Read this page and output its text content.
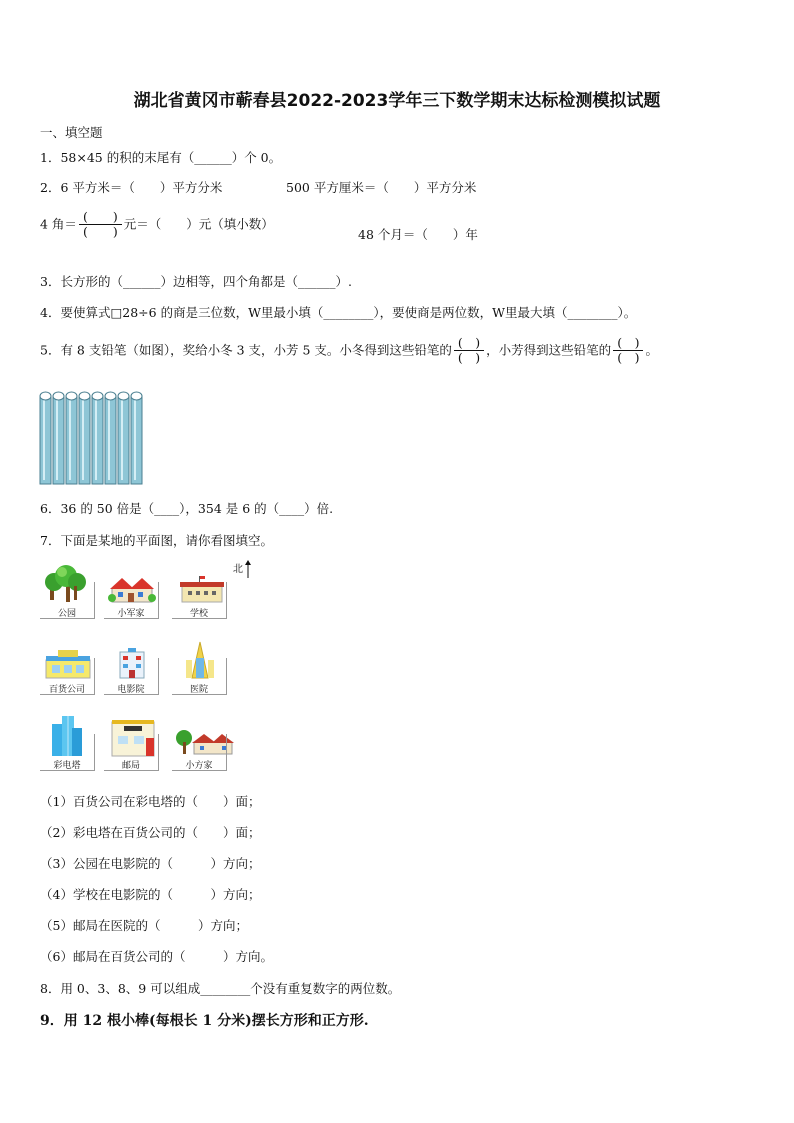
湖北省黄冈市蕲春县2022-2023学年三下数学期末达标检测模拟试题
一、填空题
1．58×45 的积的末尾有（______）个 0。
2．6 平方米＝（　　）平方分米	500 平方厘米＝（　　）平方分米
4 角＝ $\frac{( )}{( )}$ 元＝（　　）元（填小数）
48 个月＝（　　）年
3．长方形的（______）边相等，四个角都是（______）.
4．要使算式□28÷6 的商是三位数，W里最小填（________），要使商是两位数，W里最大填（________）。
5．有 8 支铅笔（如图），奖给小冬 3 支，小芳 5 支。小冬得到这些铅笔的 $\frac{( )}{( )}$ ，小芳得到这些铅笔的 $\frac{( )}{( )}$ 。
6．36 的 50 倍是（____），354 是 6 的（____）倍.
7．下面是某地的平面图，请你看图填空。
公园	小军家	学校
百货公司	电影院	医院
彩电塔	邮局	小方家
北
（1）百货公司在彩电塔的（　　）面；
（2）彩电塔在百货公司的（　　）面；
（3）公园在电影院的（　　　）方向；
（4）学校在电影院的（　　　）方向；
（5）邮局在医院的（　　　）方向；
（6）邮局在百货公司的（　　　）方向。
8．用 0、3、8、9 可以组成________个没有重复数字的两位数。
9．用 12 根小棒(每根长 1 分米)摆长方形和正方形.
